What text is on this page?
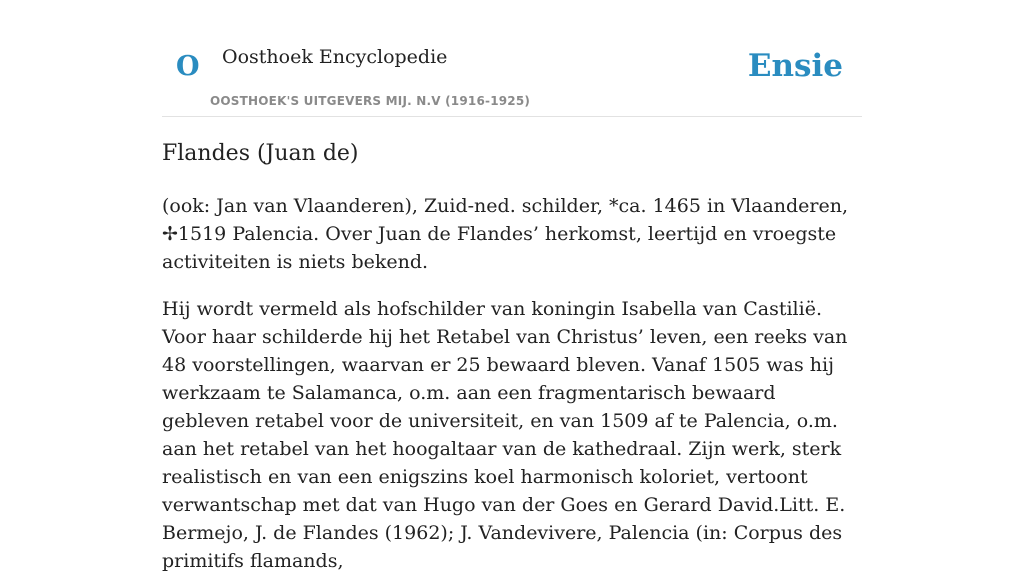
O Oosthoek Encyclopedie
OOSTHOEK'S UITGEVERS MIJ. N.V (1916-1925)
Ensie
Flandes (Juan de)

(ook: Jan van Vlaanderen), Zuid-ned. schilder, *ca. 1465 in Vlaanderen, ✢1519 Palencia. Over Juan de Flandes’ herkomst, leertijd en vroegste activiteiten is niets bekend.

Hij wordt vermeld als hofschilder van koningin Isabella van Castilië. Voor haar schilderde hij het Retabel van Christus’ leven, een reeks van 48 voorstellingen, waarvan er 25 bewaard bleven. Vanaf 1505 was hij werkzaam te Salamanca, o.m. aan een fragmentarisch bewaard gebleven retabel voor de universiteit, en van 1509 af te Palencia, o.m. aan het retabel van het hoogaltaar van de kathedraal. Zijn werk, sterk realistisch en van een enigszins koel harmonisch koloriet, vertoont verwantschap met dat van Hugo van der Goes en Gerard David.Litt. E. Bermejo, J. de Flandes (1962); J. Vandevivere, Palencia (in: Corpus des primitifs flamands,
